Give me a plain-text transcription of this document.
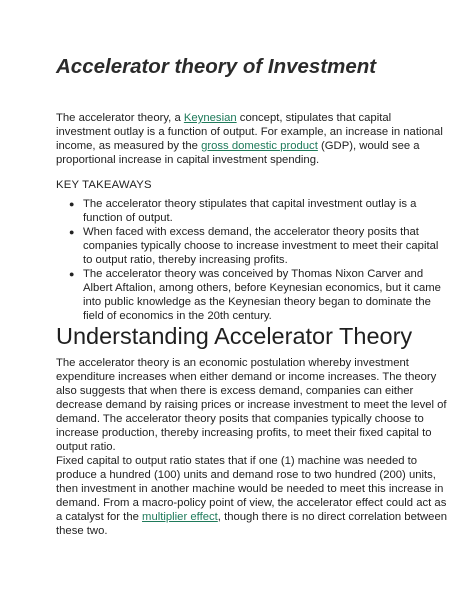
Accelerator theory of Investment

The accelerator theory, a Keynesian concept, stipulates that capital
investment outlay is a function of output. For example, an increase in national
income, as measured by the gross domestic product (GDP), would see a
proportional increase in capital investment spending.

KEY TAKEAWAYS

● The accelerator theory stipulates that capital investment outlay is a
function of output.
● When faced with excess demand, the accelerator theory posits that
companies typically choose to increase investment to meet their capital
to output ratio, thereby increasing profits.
● The accelerator theory was conceived by Thomas Nixon Carver and
Albert Aftalion, among others, before Keynesian economics, but it came
into public knowledge as the Keynesian theory began to dominate the
field of economics in the 20th century.
Understanding Accelerator Theory

The accelerator theory is an economic postulation whereby investment
expenditure increases when either demand or income increases. The theory
also suggests that when there is excess demand, companies can either
decrease demand by raising prices or increase investment to meet the level of
demand. The accelerator theory posits that companies typically choose to
increase production, thereby increasing profits, to meet their fixed capital to
output ratio.

Fixed capital to output ratio states that if one (1) machine was needed to
produce a hundred (100) units and demand rose to two hundred (200) units,
then investment in another machine would be needed to meet this increase in
demand. From a macro-policy point of view, the accelerator effect could act as
a catalyst for the multiplier effect, though there is no direct correlation between
these two.
